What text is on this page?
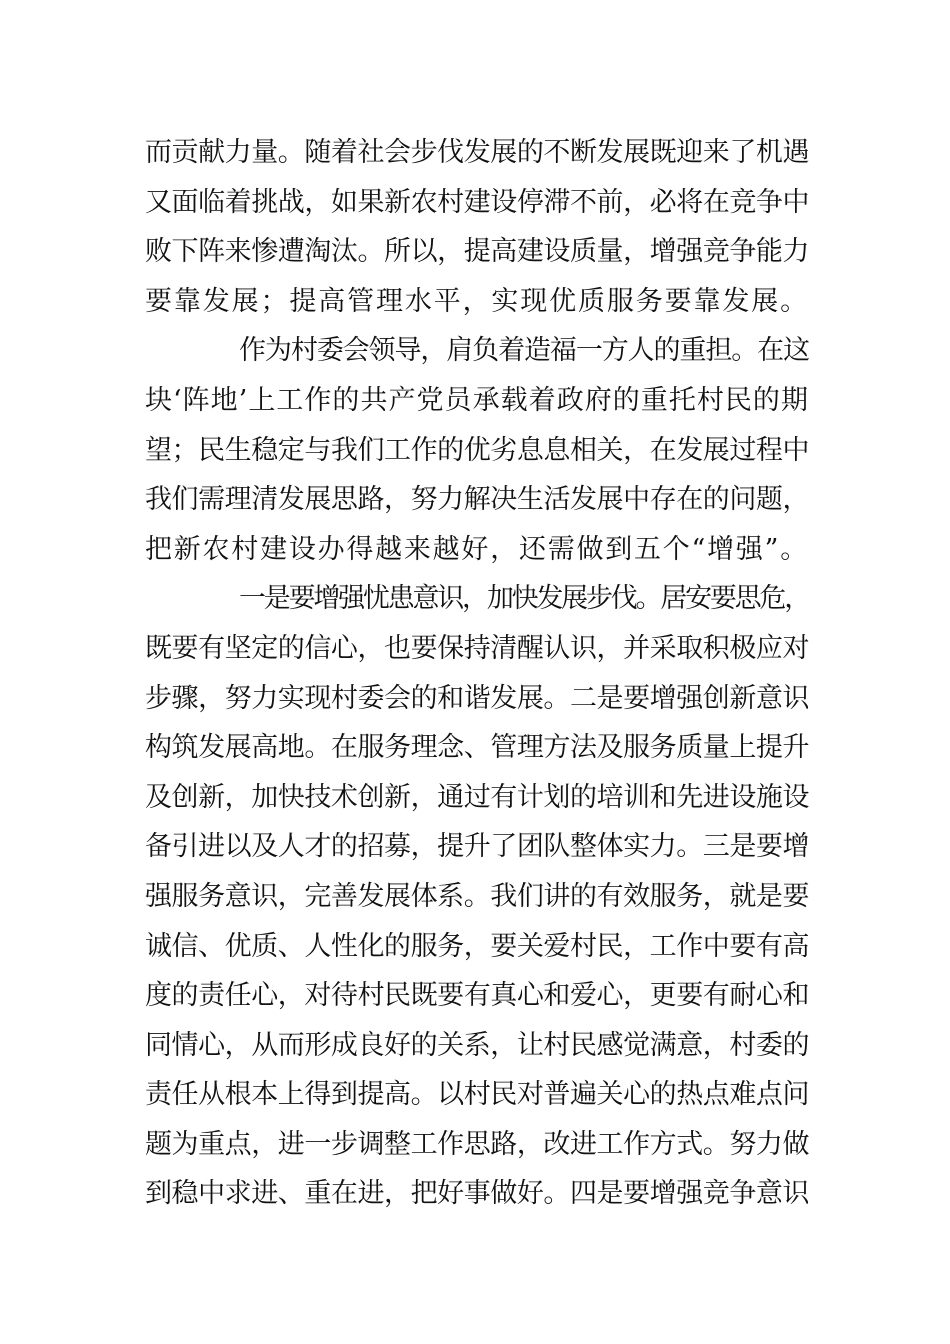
而贡献力量。随着社会步伐发展的不断发展既迎来了机遇
又面临着挑战，如果新农村建设停滞不前，必将在竞争中
败下阵来惨遭淘汰。所以，提高建设质量，增强竞争能力
要靠发展；提高管理水平，实现优质服务要靠发展。
作为村委会领导，肩负着造福一方人的重担。在这
块‘阵地’上工作的共产党员承载着政府的重托村民的期
望；民生稳定与我们工作的优劣息息相关，在发展过程中
我们需理清发展思路，努力解决生活发展中存在的问题，
把新农村建设办得越来越好，还需做到五个“增强”。
一是要增强忧患意识，加快发展步伐。居安要思危，
既要有坚定的信心，也要保持清醒认识，并采取积极应对
步骤，努力实现村委会的和谐发展。二是要增强创新意识
构筑发展高地。在服务理念、管理方法及服务质量上提升
及创新，加快技术创新，通过有计划的培训和先进设施设
备引进以及人才的招募，提升了团队整体实力。三是要增
强服务意识，完善发展体系。我们讲的有效服务，就是要
诚信、优质、人性化的服务，要关爱村民，工作中要有高
度的责任心，对待村民既要有真心和爱心，更要有耐心和
同情心，从而形成良好的关系，让村民感觉满意，村委的
责任从根本上得到提高。以村民对普遍关心的热点难点问
题为重点，进一步调整工作思路，改进工作方式。努力做
到稳中求进、重在进，把好事做好。四是要增强竞争意识
